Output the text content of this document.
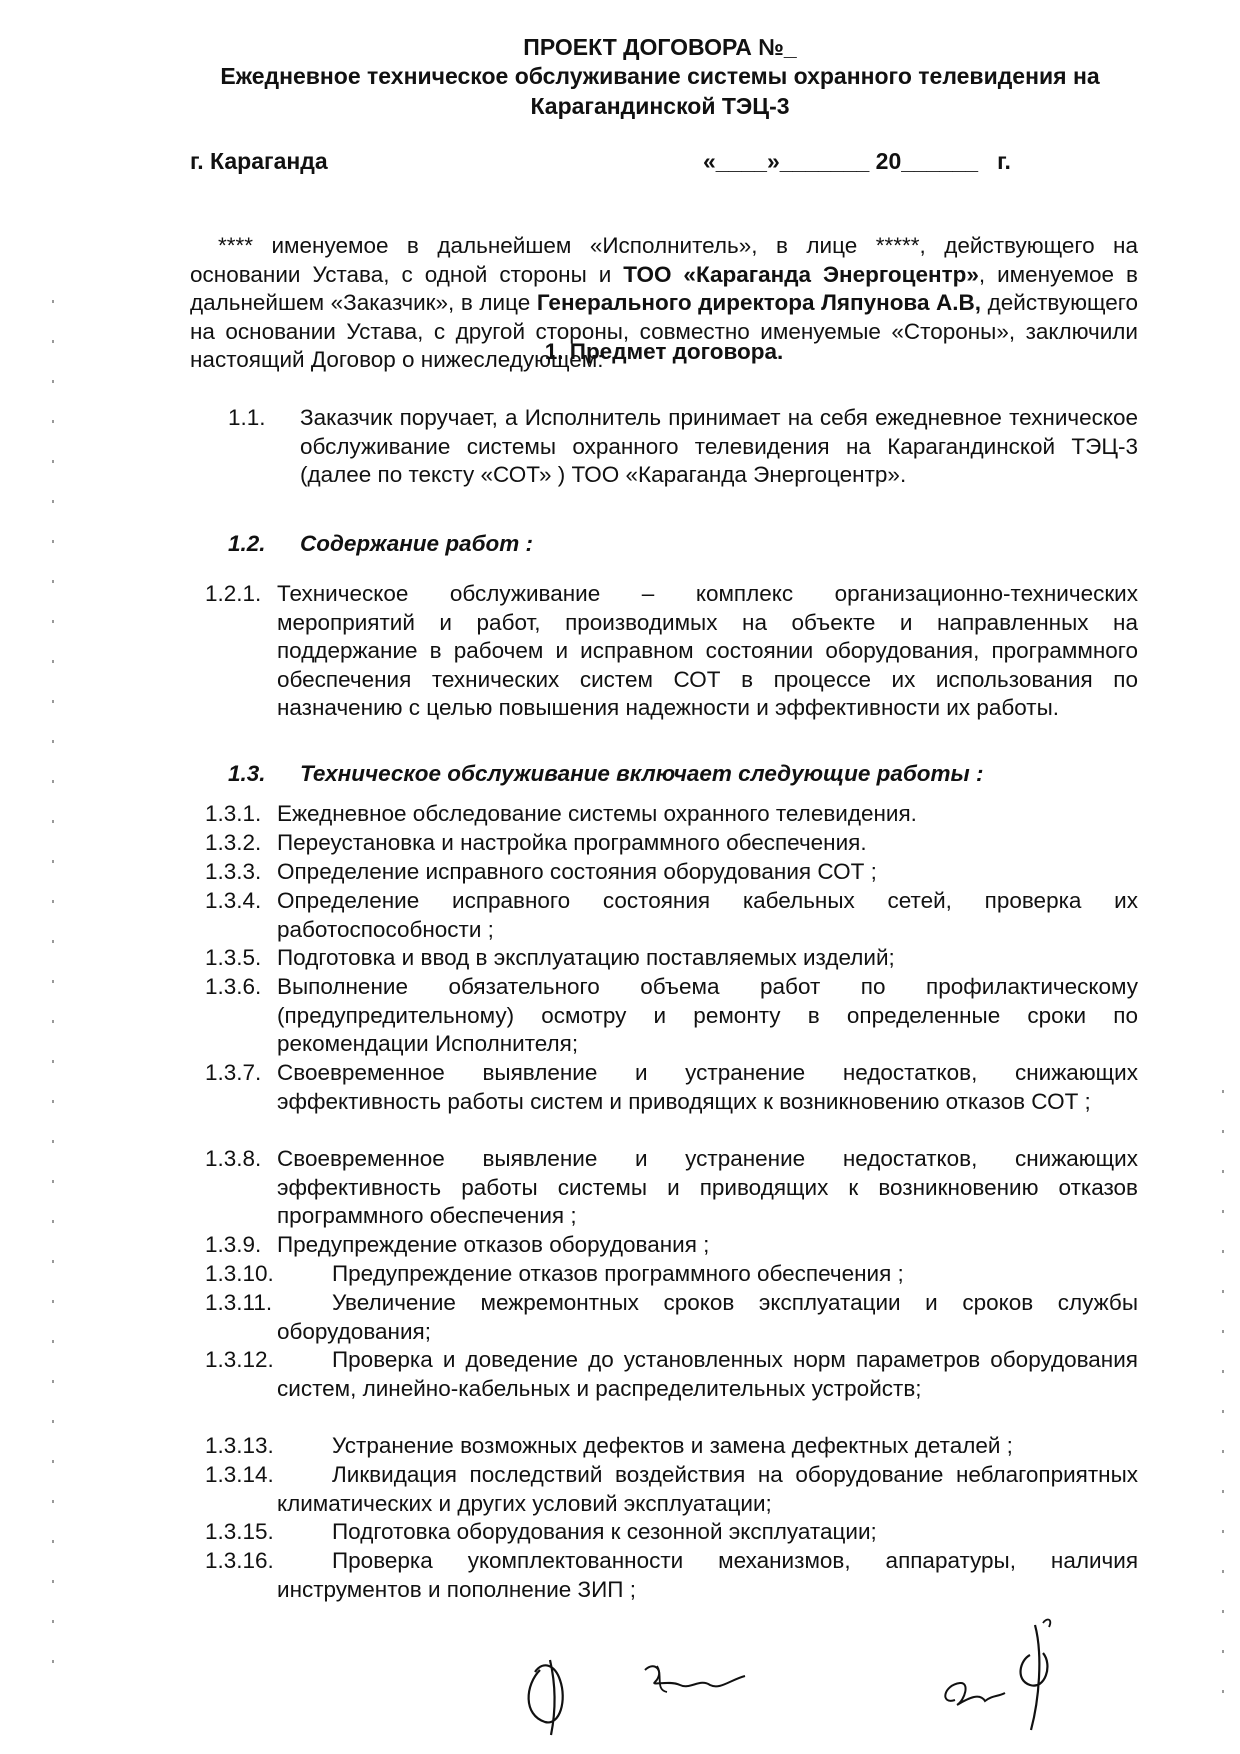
ПРОЕКТ ДОГОВОРА №_
Ежедневное техническое обслуживание системы охранного телевидения на
Карагандинской ТЭЦ-3
г. Караганда	«____»_______ 20______   г.

**** именуемое в дальнейшем «Исполнитель», в лице *****, действующего на основании Устава, с одной стороны и ТОО «Караганда Энергоцентр», именуемое в дальнейшем «Заказчик», в лице Генерального директора Ляпунова А.В, действующего на основании Устава, с другой стороны, совместно именуемые «Стороны», заключили настоящий Договор о нижеследующем:

1. Предмет договора.
1.1. Заказчик поручает, а Исполнитель принимает на себя ежедневное техническое обслуживание системы охранного телевидения на Карагандинской ТЭЦ-3 (далее по тексту «СОТ» ) ТОО «Караганда Энергоцентр».
1.2. Содержание работ :
1.2.1. Техническое обслуживание – комплекс организационно-технических мероприятий и работ, производимых на объекте и направленных на поддержание в рабочем и исправном состоянии оборудования, программного обеспечения технических систем СОТ в процессе их использования по назначению с целью повышения надежности и эффективности их работы.
1.3. Техническое обслуживание включает следующие работы :
1.3.1. Ежедневное обследование системы охранного телевидения.
1.3.2. Переустановка и настройка программного обеспечения.
1.3.3. Определение исправного состояния оборудования СОТ ;
1.3.4. Определение исправного состояния кабельных сетей, проверка их работоспособности ;
1.3.5. Подготовка и ввод в эксплуатацию поставляемых изделий;
1.3.6. Выполнение обязательного объема работ по профилактическому (предупредительному) осмотру и ремонту в определенные сроки по рекомендации Исполнителя;
1.3.7. Своевременное выявление и устранение недостатков, снижающих эффективность работы систем и приводящих к возникновению отказов СОТ ;
1.3.8. Своевременное выявление и устранение недостатков, снижающих эффективность работы системы и приводящих к возникновению отказов программного обеспечения ;
1.3.9. Предупреждение отказов оборудования ;
1.3.10.	Предупреждение отказов программного обеспечения ;
1.3.11.	Увеличение межремонтных сроков эксплуатации и сроков службы оборудования;
1.3.12.	Проверка и доведение до установленных норм параметров оборудования систем, линейно-кабельных и распределительных устройств;
1.3.13.	Устранение возможных дефектов и замена дефектных деталей ;
1.3.14.	Ликвидация последствий воздействия на оборудование неблагоприятных климатических и других условий эксплуатации;
1.3.15.	Подготовка оборудования к сезонной эксплуатации;
1.3.16.	Проверка укомплектованности механизмов, аппаратуры, наличия инструментов и пополнение ЗИП ;
